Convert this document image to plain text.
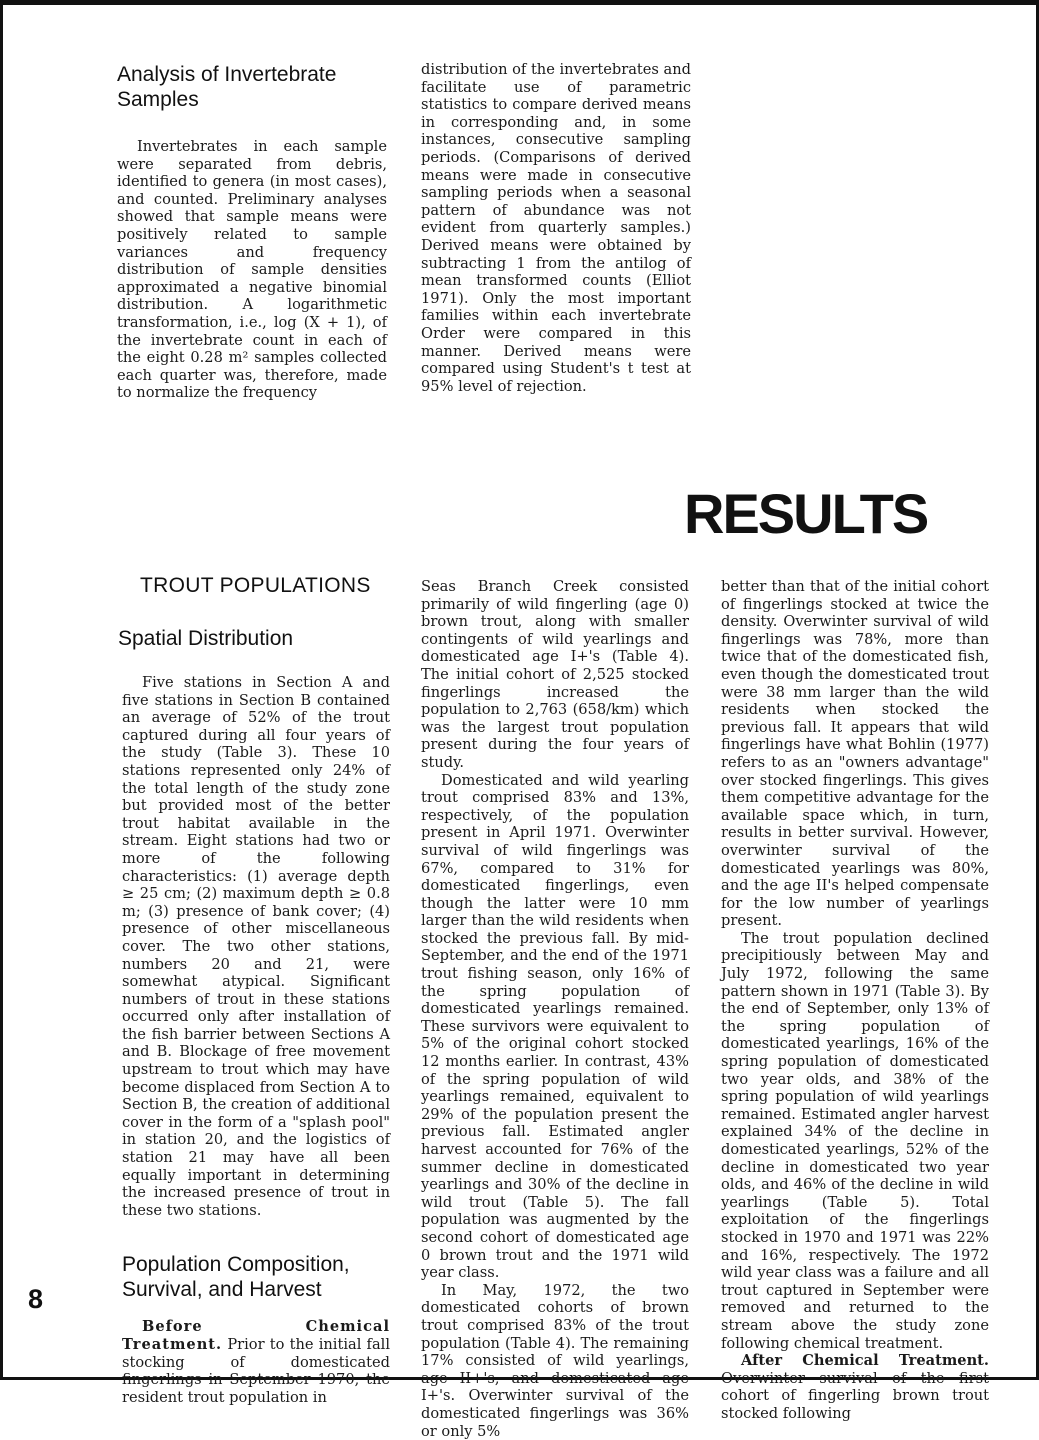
Analysis of Invertebrate Samples

Invertebrates in each sample were separated from debris, identified to genera (in most cases), and counted. Preliminary analyses showed that sample means were positively related to sample variances and frequency distribution of sample densities approximated a negative binomial distribution. A logarithmetic transformation, i.e., log (X + 1), of the invertebrate count in each of the eight 0.28 m² samples collected each quarter was, therefore, made to normalize the frequency

distribution of the invertebrates and facilitate use of parametric statistics to compare derived means in corresponding and, in some instances, consecutive sampling periods. (Comparisons of derived means were made in consecutive sampling periods when a seasonal pattern of abundance was not evident from quarterly samples.) Derived means were obtained by subtracting 1 from the antilog of mean transformed counts (Elliot 1971). Only the most important families within each invertebrate Order were compared in this manner. Derived means were compared using Student's t test at 95% level of rejection.

RESULTS
TROUT POPULATIONS
Spatial Distribution

Five stations in Section A and five stations in Section B contained an average of 52% of the trout captured during all four years of the study (Table 3). These 10 stations represented only 24% of the total length of the study zone but provided most of the better trout habitat available in the stream. Eight stations had two or more of the following characteristics: (1) average depth ≥ 25 cm; (2) maximum depth ≥ 0.8 m; (3) presence of bank cover; (4) presence of other miscellaneous cover. The two other stations, numbers 20 and 21, were somewhat atypical. Significant numbers of trout in these stations occurred only after installation of the fish barrier between Sections A and B. Blockage of free movement upstream to trout which may have become displaced from Section A to Section B, the creation of additional cover in the form of a "splash pool" in station 20, and the logistics of station 21 may have all been equally important in determining the increased presence of trout in these two stations.

Population Composition, Survival, and Harvest

Before Chemical Treatment. Prior to the initial fall stocking of domesticated fingerlings in September 1970, the resident trout population in

Seas Branch Creek consisted primarily of wild fingerling (age 0) brown trout, along with smaller contingents of wild yearlings and domesticated age I+'s (Table 4). The initial cohort of 2,525 stocked fingerlings increased the population to 2,763 (658/km) which was the largest trout population present during the four years of study.

Domesticated and wild yearling trout comprised 83% and 13%, respectively, of the population present in April 1971. Overwinter survival of wild fingerlings was 67%, compared to 31% for domesticated fingerlings, even though the latter were 10 mm larger than the wild residents when stocked the previous fall. By mid-September, and the end of the 1971 trout fishing season, only 16% of the spring population of domesticated yearlings remained. These survivors were equivalent to 5% of the original cohort stocked 12 months earlier. In contrast, 43% of the spring population of wild yearlings remained, equivalent to 29% of the population present the previous fall. Estimated angler harvest accounted for 76% of the summer decline in domesticated yearlings and 30% of the decline in wild trout (Table 5). The fall population was augmented by the second cohort of domesticated age 0 brown trout and the 1971 wild year class.

In May, 1972, the two domesticated cohorts of brown trout comprised 83% of the trout population (Table 4). The remaining 17% consisted of wild yearlings, age II+'s, and domesticated age I+'s. Overwinter survival of the domesticated fingerlings was 36% or only 5%

better than that of the initial cohort of fingerlings stocked at twice the density. Overwinter survival of wild fingerlings was 78%, more than twice that of the domesticated fish, even though the domesticated trout were 38 mm larger than the wild residents when stocked the previous fall. It appears that wild fingerlings have what Bohlin (1977) refers to as an "owners advantage" over stocked fingerlings. This gives them competitive advantage for the available space which, in turn, results in better survival. However, overwinter survival of the domesticated yearlings was 80%, and the age II's helped compensate for the low number of yearlings present.

The trout population declined precipitiously between May and July 1972, following the same pattern shown in 1971 (Table 3). By the end of September, only 13% of the spring population of domesticated yearlings, 16% of the spring population of domesticated two year olds, and 38% of the spring population of wild yearlings remained. Estimated angler harvest explained 34% of the decline in domesticated yearlings, 52% of the decline in domesticated two year olds, and 46% of the decline in wild yearlings (Table 5). Total exploitation of the fingerlings stocked in 1970 and 1971 was 22% and 16%, respectively. The 1972 wild year class was a failure and all trout captured in September were removed and returned to the stream above the study zone following chemical treatment.

After Chemical Treatment. Overwinter survival of the first cohort of fingerling brown trout stocked following

8
